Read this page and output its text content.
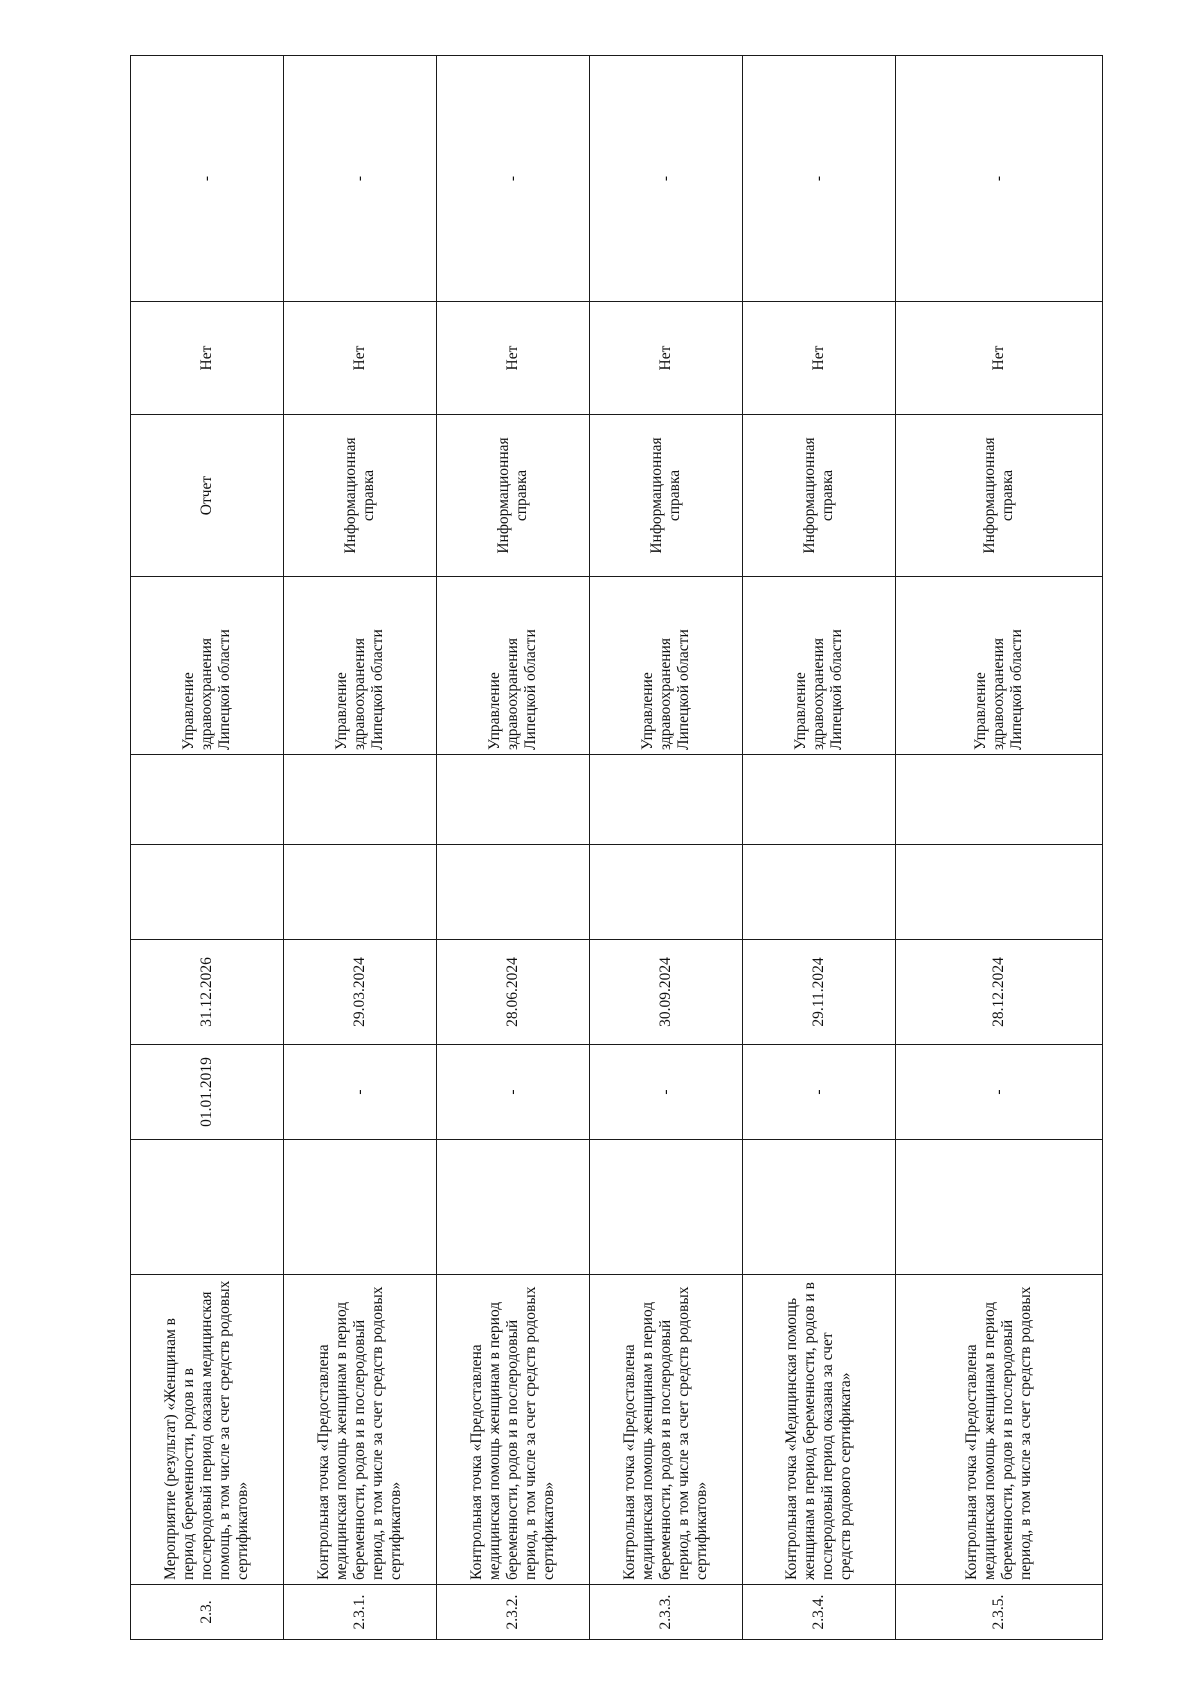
2.3.	Мероприятие (результат) «Женщинам в период беременности, родов и в послеродовый период оказана медицинская помощь, в том числе за счет средств родовых сертификатов»		01.01.2019	31.12.2026			Управление здравоохранения Липецкой области	Отчет	Нет	-
2.3.1.	Контрольная точка «Предоставлена медицинская помощь женщинам в период беременности, родов и в послеродовый период, в том числе за счет средств родовых сертификатов»		-	29.03.2024			Управление здравоохранения Липецкой области	Информационная справка	Нет	-
2.3.2.	Контрольная точка «Предоставлена медицинская помощь женщинам в период беременности, родов и в послеродовый период, в том числе за счет средств родовых сертификатов»		-	28.06.2024			Управление здравоохранения Липецкой области	Информационная справка	Нет	-
2.3.3.	Контрольная точка «Предоставлена медицинская помощь женщинам в период беременности, родов и в послеродовый период, в том числе за счет средств родовых сертификатов»		-	30.09.2024			Управление здравоохранения Липецкой области	Информационная справка	Нет	-
2.3.4.	Контрольная точка «Медицинская помощь женщинам в период беременности, родов и в послеродовый период оказана за счет средств родового сертификата»		-	29.11.2024			Управление здравоохранения Липецкой области	Информационная справка	Нет	-
2.3.5.	Контрольная точка «Предоставлена медицинская помощь женщинам в период беременности, родов и в послеродовый период, в том числе за счет средств родовых		-	28.12.2024			Управление здравоохранения Липецкой области	Информационная справка	Нет	-
